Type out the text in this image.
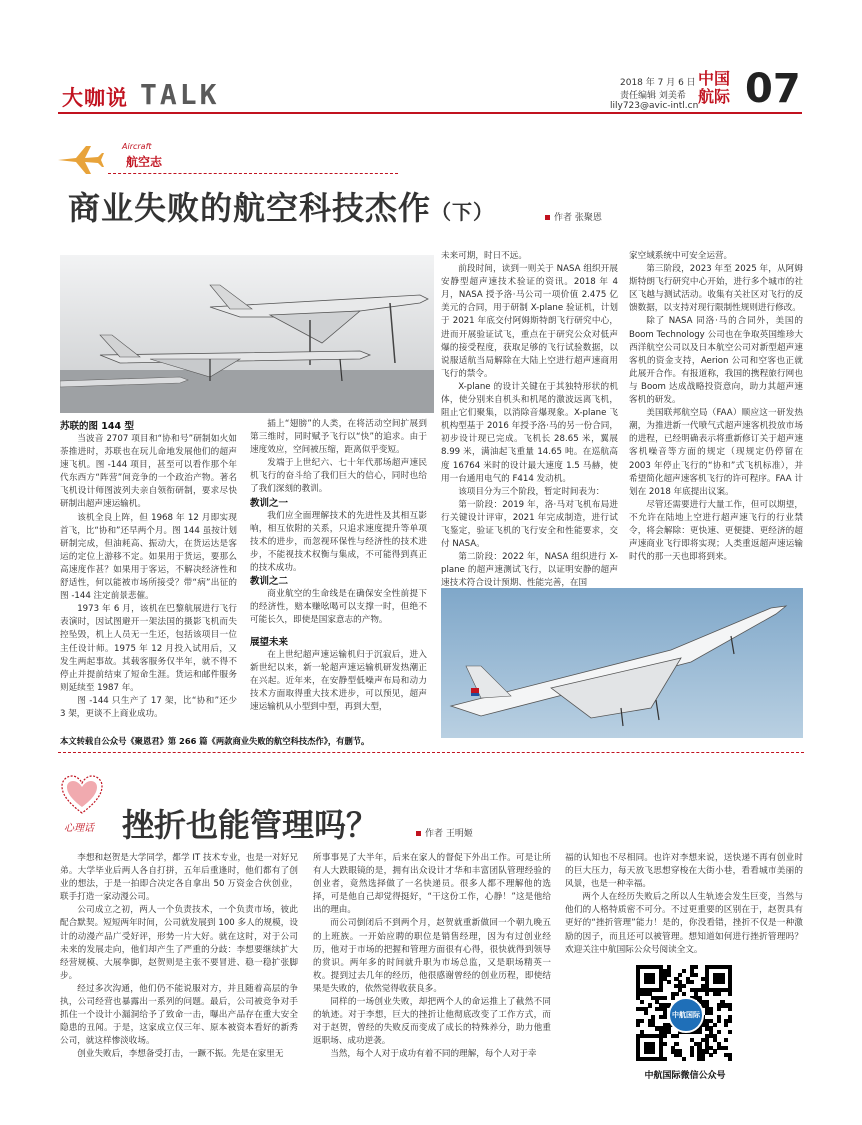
大咖说 TALK	2018 年 7 月 6 日
责任编辑 刘美希
lily723@avic-intl.cn
中国
航际 07
Aircraft
航空志
商业失败的航空科技杰作（下）	作者 张聚恩
苏联的图 144 型

当波音 2707 项目和“协和号”研制如火如荼推进时，苏联也在玩儿命地发展他们的超声速飞机。图 -144 项目，甚至可以看作那个年代东西方“阵营”间竞争的一个政治产物。著名飞机设计师图波列夫亲自领衔研制，要求尽快研制出超声速运输机。

该机全良上阵，但 1968 年 12 月即实现首飞，比“协和”还早两个月。图 144 虽按计划研制完成，但油耗高、振动大，在货运达是客运的定位上游移不定。如果用于货运，要那么高速度作甚？如果用于客运，不解决经济性和舒适性，何以能被市场所接受？带“病”出征的图 -144 注定前景悲催。

1973 年 6 月，该机在巴黎航展进行飞行表演时，因试图避开一架法国的摄影飞机而失控坠毁，机上人员无一生还，包括该项目一位主任设计师。1975 年 12 月投入试用后，又发生两起事故。其载客服务仅半年，就不得不停止并提前结束了短命生涯。货运和邮件服务则延续至 1987 年。

图 -144 只生产了 17 架，比“协和”还少 3 架，更谈不上商业成功。

插上“翅膀”的人类，在将活动空间扩展到第三维时，同时赋予飞行以“快”的追求。由于速度效应，空间被压缩，距离似乎变短。

发端于上世纪六、七十年代那场超声速民机飞行的奋斗给了我们巨大的信心，同时也给了我们深刻的教训。

教训之一

我们应全面理解技术的先进性及其相互影响，相互依附的关系，只追求速度提升等单项技术的进步，而忽视环保性与经济性的技术进步，不能视技术权衡与集成，不可能得到真正的技术成功。

教训之二

商业航空的生命线是在确保安全性前提下的经济性，赔本赚吆喝可以支撑一时，但绝不可能长久，即使是国家意志的产物。

展望未来

在上世纪超声速运输机归于沉寂后，进入新世纪以来，新一轮超声速运输机研发热潮正在兴起。近年来，在安静型低噪声布局和动力技术方面取得重大技术进步，可以预见，超声速运输机从小型到中型，再到大型，

未来可期，时日不远。

前段时间，读到一则关于 NASA 组织开展安静型超声速技术验证的资讯。2018 年 4 月，NASA 授予洛·马公司一项价值 2.475 亿美元的合同，用于研制 X-plane 验证机，计划于 2021 年底交付阿姆斯特朗飞行研究中心，进而开展验证试飞，重点在于研究公众对低声爆的接受程度，获取足够的飞行试验数据，以说服适航当局解除在大陆上空进行超声速商用飞行的禁令。

X-plane 的设计关键在于其独特形状的机体，使分别来自机头和机尾的激波远离飞机，阻止它们聚集，以消除音爆现象。X-plane 飞机构型基于 2016 年授予洛·马的另一份合同，初步设计现已完成。飞机长 28.65 米，翼展 8.99 米，满油起飞重量 14.65 吨。在巡航高度 16764 米时的设计最大速度 1.5 马赫，使用一台通用电气的 F414 发动机。

该项目分为三个阶段，暂定时间表为：

第一阶段：2019 年，洛·马对飞机布局进行关键设计评审，2021 年完成制造，进行试飞鉴定，验证飞机的飞行安全和性能要求，交付 NASA。

第二阶段：2022 年，NASA 组织进行 X-plane 的超声速测试飞行，以证明安静的超声速技术符合设计预期、性能完善，在国

家空域系统中可安全运营。

第三阶段，2023 年至 2025 年，从阿姆斯特朗飞行研究中心开始，进行多个城市的社区飞越与测试活动。收集有关社区对飞行的反馈数据，以支持对现行限制性规则进行修改。

除了 NASA 同洛·马的合同外，美国的 Boom Technology 公司也在争取英国维珍大西洋航空公司以及日本航空公司对新型超声速客机的资金支持，Aerion 公司和空客也正就此展开合作。有报道称，我国的携程旅行网也与 Boom 达成战略投资意向，助力其超声速客机的研发。

美国联邦航空局（FAA）顺应这一研发热潮，为推进新一代喷气式超声速客机投放市场的进程，已经明确表示将重新修订关于超声速客机噪音等方面的规定（现规定仍停留在 2003 年停止飞行的“协和”式飞机标准），并希望简化超声速客机飞行的许可程序。FAA 计划在 2018 年底提出议案。

尽管还需要进行大量工作，但可以期望，不允许在陆地上空进行超声速飞行的行业禁令，将会解除：更快速、更便捷、更经济的超声速商业飞行即将实现；人类重返超声速运输时代的那一天也即将到来。

本文转载自公众号《聚恩君》第 266 篇《两款商业失败的航空科技杰作》，有删节。
心理话 挫折也能管理吗？	作者 王明姬

李想和赵贺是大学同学，都学 IT 技术专业，也是一对好兄弟。大学毕业后两人各自打拼，五年后重逢时，他们都有了创业的想法，于是一拍即合决定各自拿出 50 万资金合伙创业，联手打造一家动漫公司。

公司成立之初，两人一个负责技术，一个负责市场，彼此配合默契。短短两年时间，公司就发展到 100 多人的规模，设计的动漫产品广受好评，形势一片大好。就在这时，对于公司未来的发展走向，他们却产生了严重的分歧：李想要继续扩大经营规模、大展拳脚，赵贺则是主张不要冒进、稳一稳扩张脚步。

经过多次沟通，他们仍不能说服对方，并且随着高层的争执，公司经营也暴露出一系列的问题。最后，公司被竞争对手抓住一个设计小漏洞给予了致命一击，曝出产品存在重大安全隐患的丑闻。于是，这家成立仅三年、原本被资本看好的新秀公司，就这样惨淡收场。

创业失败后，李想备受打击，一蹶不振。先是在家里无

所事事晃了大半年，后来在家人的督促下外出工作。可是让所有人大跌眼镜的是，拥有出众设计才华和丰富团队管理经验的创业者，竟然选择做了一名快递员。很多人都不理解他的选择，可是他自己却觉得挺好，“干这份工作，心静！”这是他给出的理由。

而公司倒闭后不到两个月，赵贺就重新做回一个朝九晚五的上班族。一开始应聘的职位是销售经理，因为有过创业经历，他对于市场的把握和管理方面很有心得，很快就得到领导的赏识。两年多的时间就升职为市场总监，又是职场精英一枚。提到过去几年的经历，他很感谢曾经的创业历程，即使结果是失败的，依然觉得收获良多。

同样的一场创业失败，却把两个人的命运推上了截然不同的轨迹。对于李想，巨大的挫折让他彻底改变了工作方式，而对于赵贺，曾经的失败反而变成了成长的特殊养分，助力他重返职场、成功逆袭。

当然，每个人对于成功有着不同的理解，每个人对于幸

福的认知也不尽相同。也许对李想来说，送快递不再有创业时的巨大压力，每天放飞思想穿梭在大街小巷，看看城市美丽的风景，也是一种幸福。

两个人在经历失败后之所以人生轨迹会发生巨变，当然与他们的人格特质密不可分。不过更重要的区别在于，赵贺具有更好的“挫折管理”能力！是的，你没看错，挫折不仅是一种激励的因子，而且还可以被管理。想知道如何进行挫折管理吗？欢迎关注中航国际公众号阅读全文。

中航国际
中航国际微信公众号
